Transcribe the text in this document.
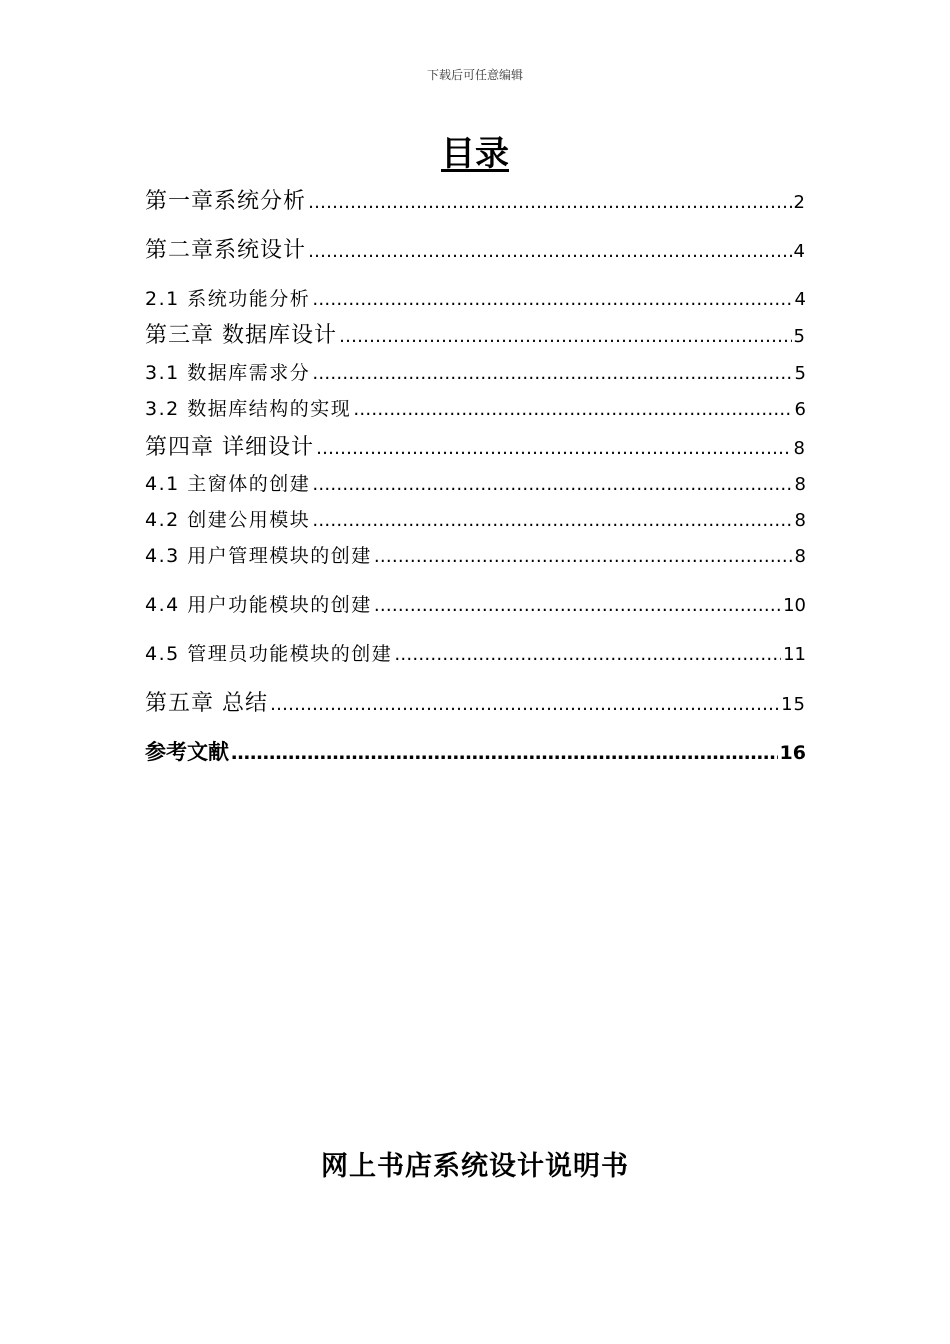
下载后可任意编辑
目录
第一章系统分析 …………………………………………………………………………………………………………………………………………………………………………	2
第二章系统设计 …………………………………………………………………………………………………………………………………………………………………………	4
2.1 系统功能分析 …………………………………………………………………………………………………………………………………………………………………………	4
第三章 数据库设计 …………………………………………………………………………………………………………………………………………………………………………	5
3.1 数据库需求分 …………………………………………………………………………………………………………………………………………………………………………	5
3.2 数据库结构的实现 …………………………………………………………………………………………………………………………………………………………………………	6
第四章 详细设计 …………………………………………………………………………………………………………………………………………………………………………	8
4.1 主窗体的创建 …………………………………………………………………………………………………………………………………………………………………………	8
4.2 创建公用模块 …………………………………………………………………………………………………………………………………………………………………………	8
4.3 用户管理模块的创建 …………………………………………………………………………………………………………………………………………………………………………	8
4.4 用户功能模块的创建 …………………………………………………………………………………………………………………………………………………………………………	10
4.5 管理员功能模块的创建 …………………………………………………………………………………………………………………………………………………………………………	11
第五章 总结 …………………………………………………………………………………………………………………………………………………………………………	15
参考文献 …………………………………………………………………………………………………………………………………………………………………………	16
网上书店系统设计说明书
